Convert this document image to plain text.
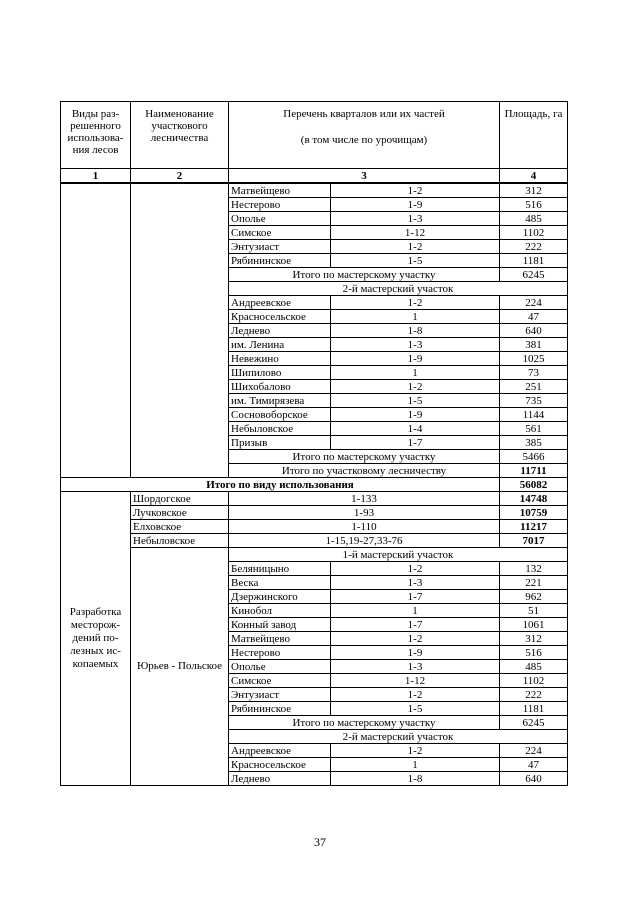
Виды раз-решенного использова-ния лесов	Наименование участкового лесничества	Перечень кварталов или их частей
(в том числе по урочищам)		Площадь, га
1	2	3		4
		Матвейщево	1-2	312
		Нестерово	1-9	516
		Ополье	1-3	485
		Симское	1-12	1102
		Энтузиаст	1-2	222
		Рябининское	1-5	1181
		Итого по мастерскому участку		6245
		2-й мастерский участок		
		Андреевское	1-2	224
		Красносельское	1	47
		Леднево	1-8	640
		им. Ленина	1-3	381
		Невежино	1-9	1025
		Шипилово	1	73
		Шихобалово	1-2	251
		им. Тимирязева	1-5	735
		Сосновоборское	1-9	1144
		Небыловское	1-4	561
		Призыв	1-7	385
		Итого по мастерскому участку		5466
		Итого по участковому лесничеству		11711
Итого по виду использования				56082
Разработка месторож-дений по-лезных ис-копаемых	Шордогское	1-133		14748
	Лучковское	1-93		10759
	Елховское	1-110		11217
	Небыловское	1-15,19-27,33-76		7017
	Юрьев - Польское	1-й мастерский участок		
		Беляницыно	1-2	132
		Веска	1-3	221
		Дзержинского	1-7	962
		Кинобол	1	51
		Конный завод	1-7	1061
		Матвейщево	1-2	312
		Нестерово	1-9	516
		Ополье	1-3	485
		Симское	1-12	1102
		Энтузиаст	1-2	222
		Рябининское	1-5	1181
		Итого по мастерскому участку		6245
		2-й мастерский участок		
		Андреевское	1-2	224
		Красносельское	1	47
		Леднево	1-8	640
37
